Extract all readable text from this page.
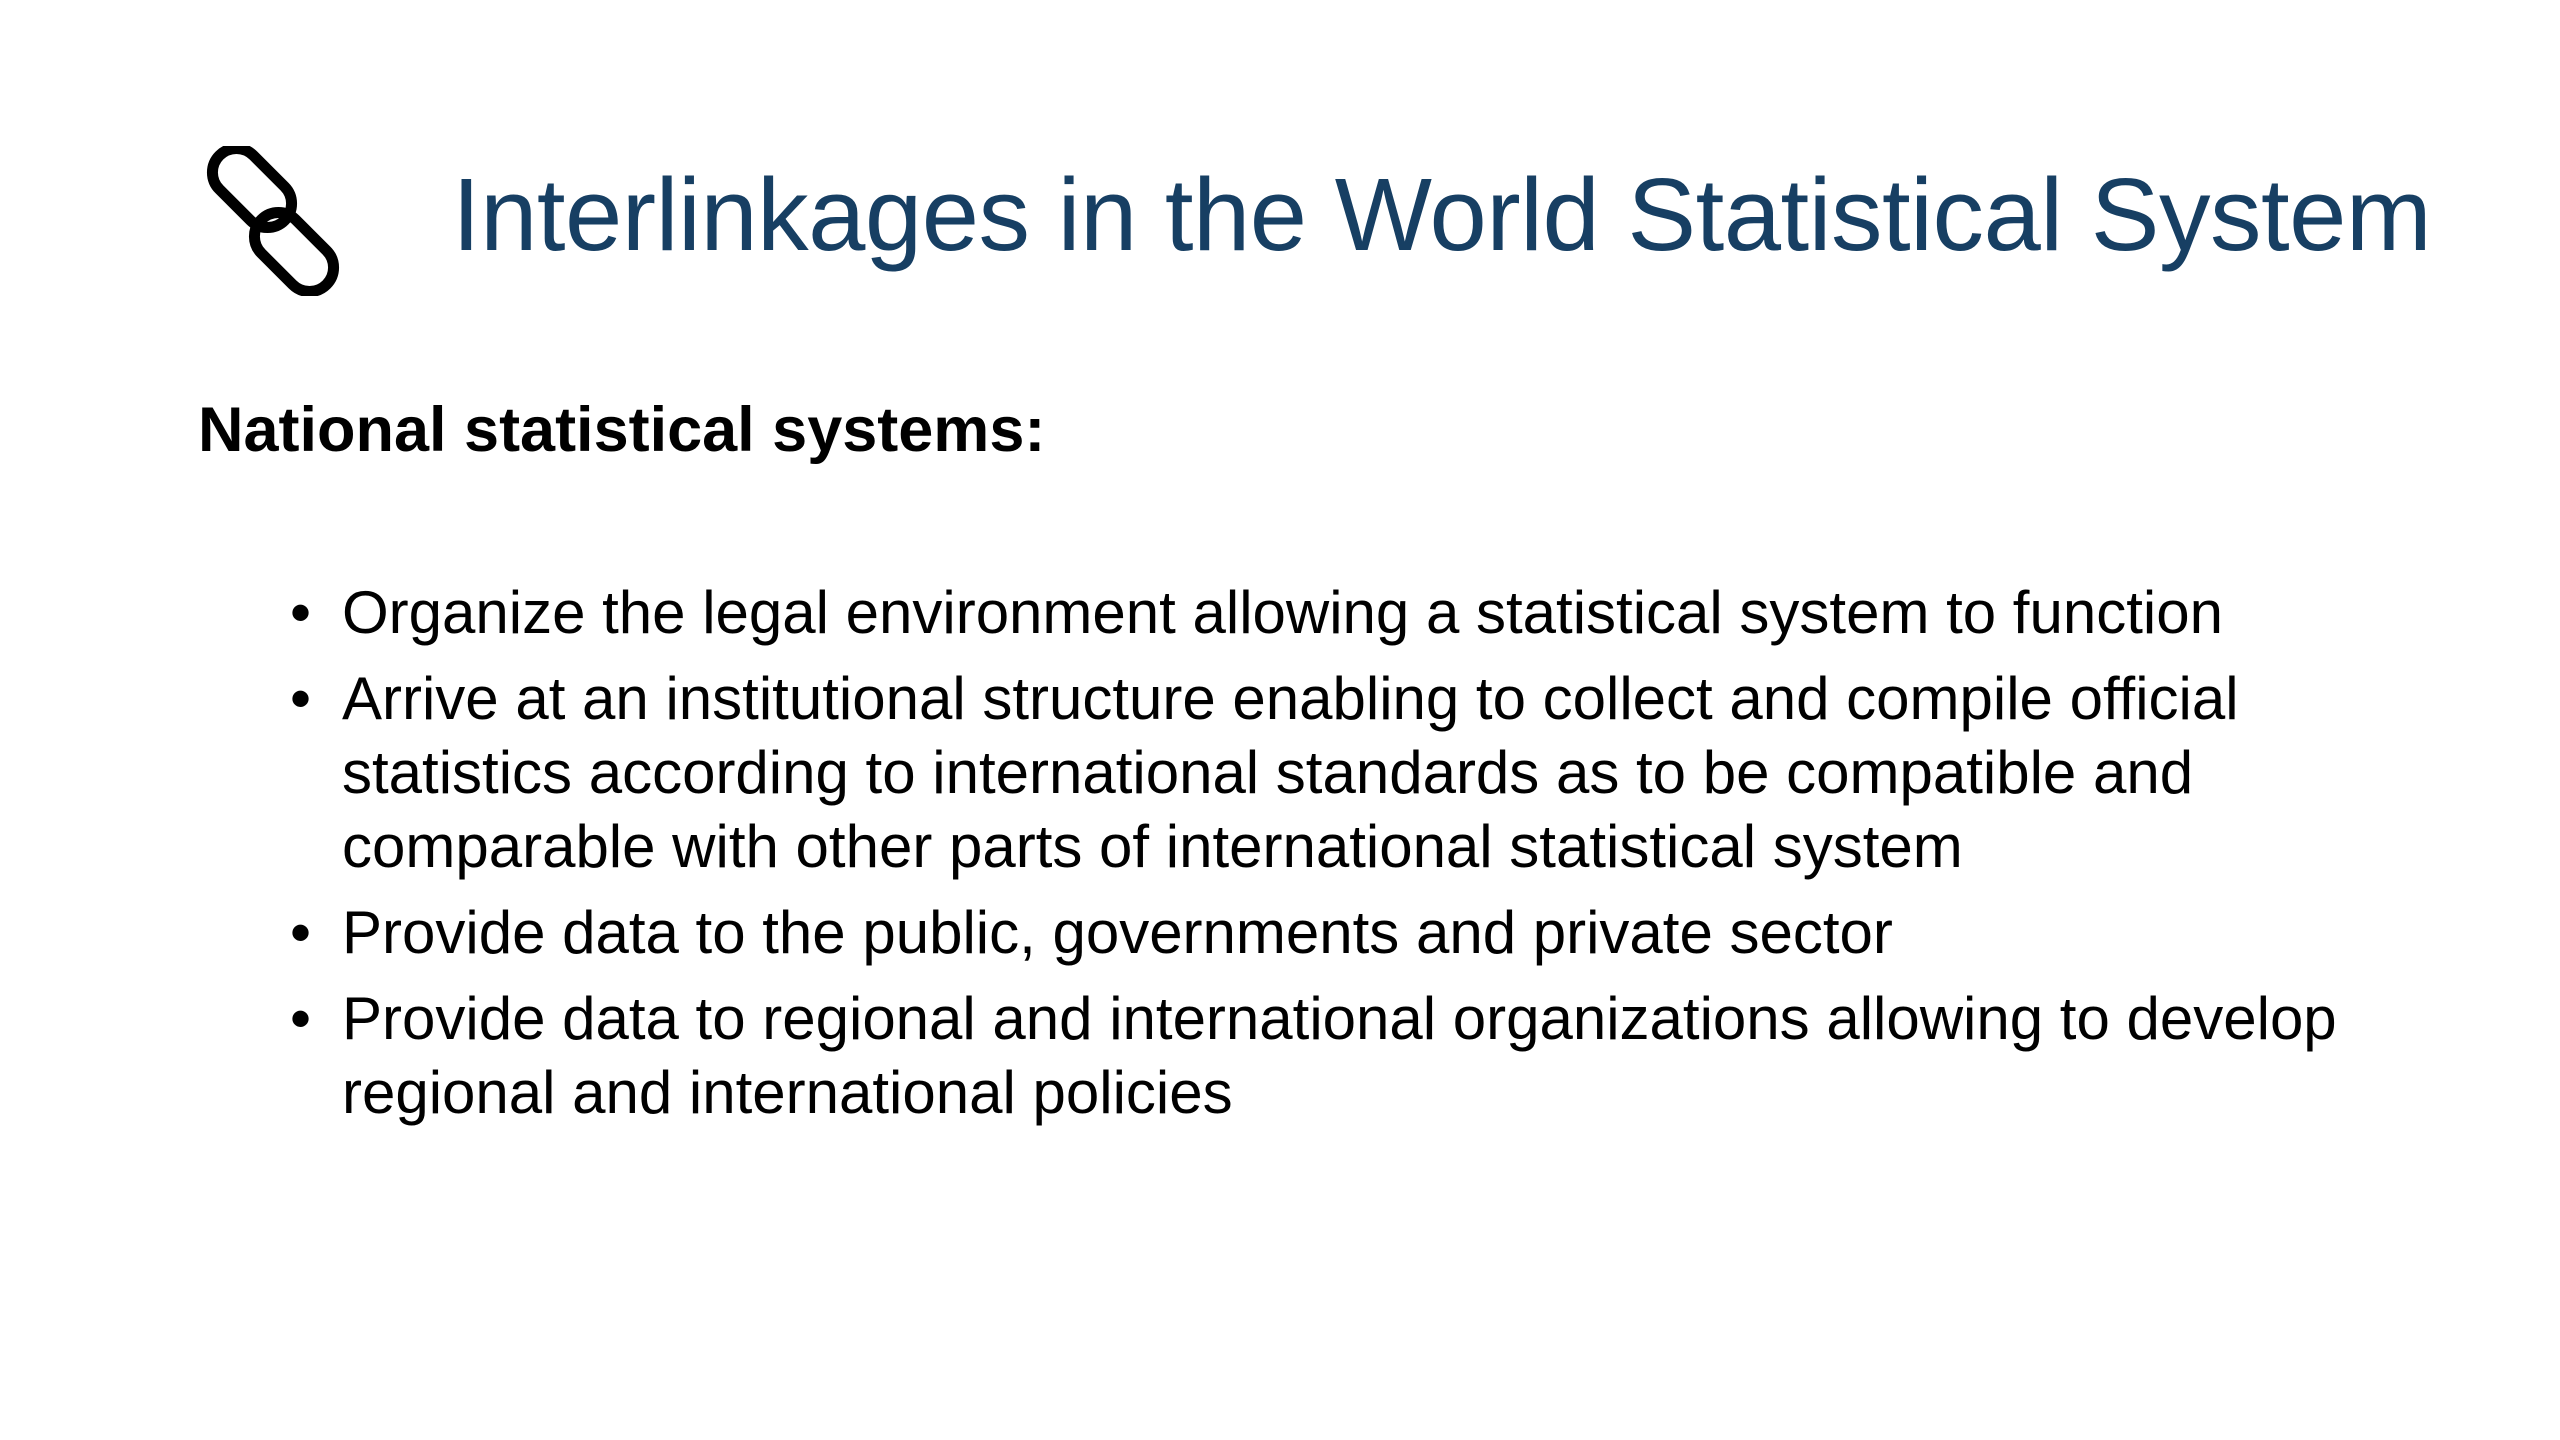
Interlinkages in the World Statistical System
National statistical systems:
• Organize the legal environment allowing a statistical system to function
• Arrive at an institutional structure enabling to collect and compile official statistics according to international standards as to be compatible and comparable with other parts of international statistical system
• Provide data to the public, governments and private sector
• Provide data to regional and international organizations allowing to develop regional and international policies
